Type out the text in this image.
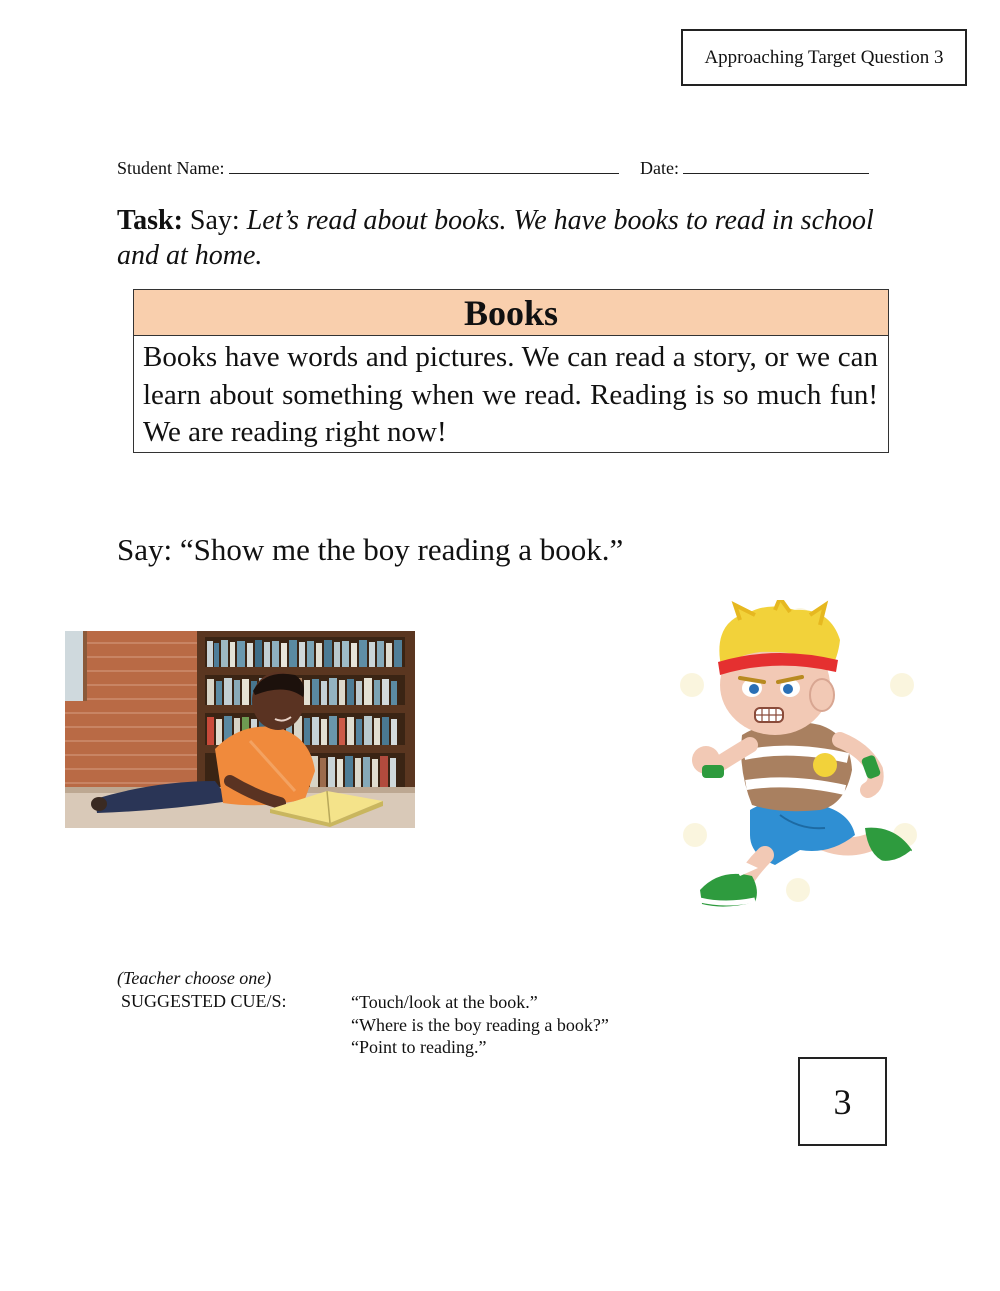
Approaching Target Question 3
Student Name:	Date:
Task: Say: Let’s read about books. We have books to read in school and at home.
Books
Books have words and pictures. We can read a story, or we can learn about something when we read. Reading is so much fun! We are reading right now!
Say: “Show me the boy reading a book.”
(Teacher choose one)
SUGGESTED CUE/S:	“Touch/look at the book.”
“Where is the boy reading a book?”
“Point to reading.”
3
